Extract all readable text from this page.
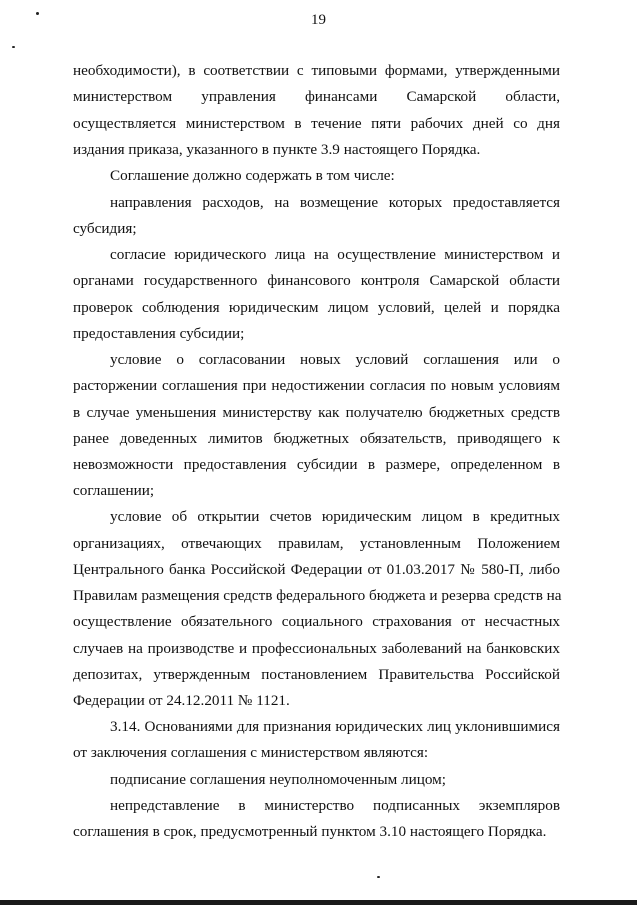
19
необходимости), в соответствии с типовыми формами, утвержденными
министерством управления финансами Самарской области,
осуществляется министерством в течение пяти рабочих дней со дня
издания приказа, указанного в пункте 3.9 настоящего Порядка.
Соглашение должно содержать в том числе:
направления расходов, на возмещение которых предоставляется
субсидия;
согласие юридического лица на осуществление министерством и
органами государственного финансового контроля Самарской области
проверок соблюдения юридическим лицом условий, целей и порядка
предоставления субсидии;
условие о согласовании новых условий соглашения или о
расторжении соглашения при недостижении согласия по новым условиям
в случае уменьшения министерству как получателю бюджетных средств
ранее доведенных лимитов бюджетных обязательств, приводящего к
невозможности предоставления субсидии в размере, определенном в
соглашении;
условие об открытии счетов юридическим лицом в кредитных
организациях, отвечающих правилам, установленным Положением
Центрального банка Российской Федерации от 01.03.2017 № 580-П, либо
Правилам размещения средств федерального бюджета и резерва средств на
осуществление обязательного социального страхования от несчастных
случаев на производстве и профессиональных заболеваний на банковских
депозитах, утвержденным постановлением Правительства Российской
Федерации от 24.12.2011 № 1121.
3.14. Основаниями для признания юридических лиц уклонившимися
от заключения соглашения с министерством являются:
подписание соглашения неуполномоченным лицом;
непредставление в министерство подписанных экземпляров
соглашения в срок, предусмотренный пунктом 3.10 настоящего Порядка.
